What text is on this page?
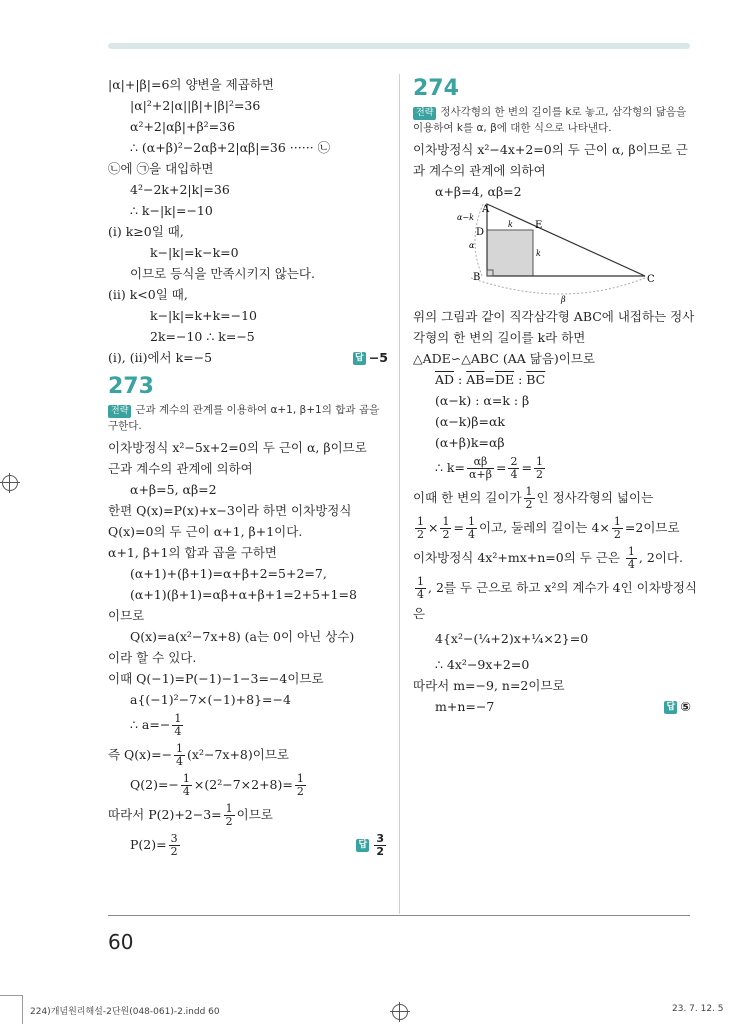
|α|+|β|=6의 양변을 제곱하면
|α|²+2|α||β|+|β|²=36
α²+2|αβ|+β²=36
∴ (α+β)²−2αβ+2|αβ|=36 ······ ㉡
㉡에 ㉠을 대입하면
4²−2k+2|k|=36
∴ k−|k|=−10
(ⅰ) k≥0일 때,
k−|k|=k−k=0
이므로 등식을 만족시키지 않는다.
(ⅱ) k<0일 때,
k−|k|=k+k=−10
2k=−10 ∴ k=−5
(ⅰ), (ⅱ)에서 k=−5	답 −5
273
전략 근과 계수의 관계를 이용하여 α+1, β+1의 합과 곱을 구한다.
이차방정식 x²−5x+2=0의 두 근이 α, β이므로
근과 계수의 관계에 의하여
α+β=5, αβ=2
한편 Q(x)=P(x)+x−3이라 하면 이차방정식
Q(x)=0의 두 근이 α+1, β+1이다.
α+1, β+1의 합과 곱을 구하면
(α+1)+(β+1)=α+β+2=5+2=7,
(α+1)(β+1)=αβ+α+β+1=2+5+1=8
이므로
Q(x)=a(x²−7x+8) (a는 0이 아닌 상수)
이라 할 수 있다.
이때 Q(−1)=P(−1)−1−3=−4이므로
a{(−1)²−7×(−1)+8}=−4
∴ $a=- \frac{1}{4}$
즉 $Q(x)=- \frac{1}{4} (x^2-7x+8)$이므로
$Q(2)=- \frac{1}{4} \times(2^2-7\times 2+8)= \frac{1}{2}$
따라서 $P(2)+2-3= \frac{1}{2}$ 이므로
$P(2)= \frac{3}{2}$	답 $\frac{3}{2}$
274
전략 정사각형의 한 변의 길이를 k로 놓고, 삼각형의 닮음을 이용하여 k를 α, β에 대한 식으로 나타낸다.
이차방정식 x²−4x+2=0의 두 근이 α, β이므로 근
과 계수의 관계에 의하여
α+β=4, αβ=2
A
B	C
D
E
α−k
k
k
α
β
위의 그림과 같이 직각삼각형 ABC에 내접하는 정사
각형의 한 변의 길이를 k라 하면
△ADE∽△ABC (AA 닮음)이므로
$\overline{AD}$ : $\overline{AB}=\overline{DE}$ : $\overline{BC}$
(α−k) : α=k : β
(α−k)β=αk
(α+β)k=αβ
∴ $k= \frac{\alpha\beta}{\alpha+\beta} = \frac{2}{4} = \frac{1}{2}$
이때 한 변의 길이가 $\frac{1}{2}$ 인 정사각형의 넓이는
$\frac{1}{2} \times \frac{1}{2} = \frac{1}{4}$ 이고, 둘레의 길이는 $4\times \frac{1}{2} =2$이므로
이차방정식 4x²+mx+n=0의 두 근은 $\frac{1}{4}$ , 2이다.
$\frac{1}{4}$ , 2를 두 근으로 하고 x²의 계수가 4인 이차방정식
은
4{x²−(¼+2)x+¼×2}=0
∴ 4x²−9x+2=0
따라서 m=−9, n=2이므로
m+n=−7	답 ⑤
60
224)개념원리해설-2단원(048-061)-2.indd 60	23. 7. 12. 5
